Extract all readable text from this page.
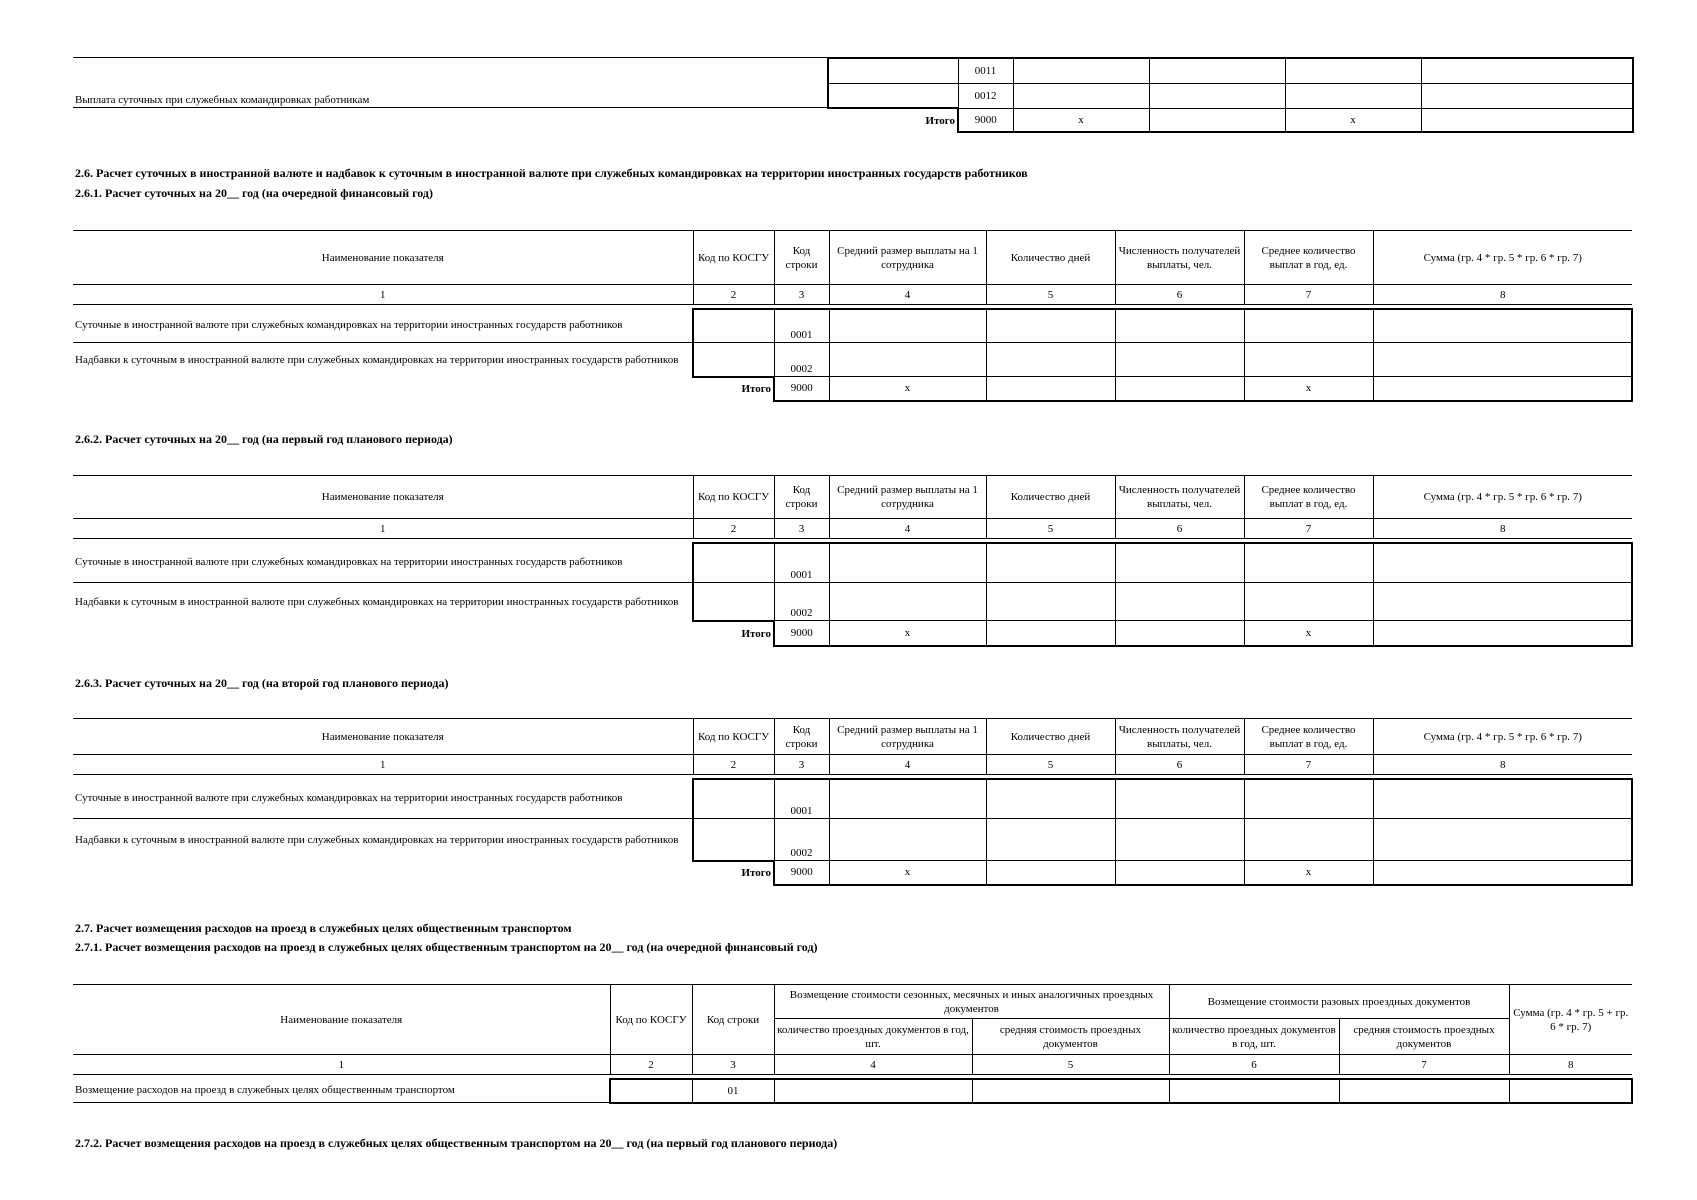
	0011				
	0012				
Итого	9000	x		x	
Выплата суточных при служебных командировках работникам
2.6. Расчет суточных в иностранной валюте и надбавок к суточным в иностранной валюте при служебных командировках на территории иностранных государств работников
2.6.1. Расчет суточных на 20__ год (на очередной финансовый год)
Наименование показателя	Код по КОСГУ	Код строки	Средний размер выплаты на 1 сотрудника	Количество дней	Численность получателей выплаты, чел.	Среднее количество выплат в год, ед.	Сумма (гр. 4 * гр. 5 * гр. 6 * гр. 7)
1	2	3	4	5	6	7	8

Суточные в иностранной валюте при служебных командировках на территории иностранных государств работников		0001					
Надбавки к суточным в иностранной валюте при служебных командировках на территории иностранных государств работников		0002					
	Итого	9000	x			x	
2.6.2. Расчет суточных на 20__ год (на первый год планового периода)
Наименование показателя	Код по КОСГУ	Код строки	Средний размер выплаты на 1 сотрудника	Количество дней	Численность получателей выплаты, чел.	Среднее количество выплат в год, ед.	Сумма (гр. 4 * гр. 5 * гр. 6 * гр. 7)
1	2	3	4	5	6	7	8

Суточные в иностранной валюте при служебных командировках на территории иностранных государств работников		0001					
Надбавки к суточным в иностранной валюте при служебных командировках на территории иностранных государств работников		0002					
	Итого	9000	x			x	
2.6.3. Расчет суточных на 20__ год (на второй год планового периода)
Наименование показателя	Код по КОСГУ	Код строки	Средний размер выплаты на 1 сотрудника	Количество дней	Численность получателей выплаты, чел.	Среднее количество выплат в год, ед.	Сумма (гр. 4 * гр. 5 * гр. 6 * гр. 7)
1	2	3	4	5	6	7	8

Суточные в иностранной валюте при служебных командировках на территории иностранных государств работников		0001					
Надбавки к суточным в иностранной валюте при служебных командировках на территории иностранных государств работников		0002					
	Итого	9000	x			x	
2.7. Расчет возмещения расходов на проезд в служебных целях общественным транспортом
2.7.1. Расчет возмещения расходов на проезд в служебных целях общественным транспортом на 20__ год (на очередной финансовый год)
Наименование показателя	Код по КОСГУ	Код строки	Возмещение стоимости сезонных, месячных и иных аналогичных проездных документов		Возмещение стоимости разовых проездных документов		Сумма (гр. 4 * гр. 5 + гр. 6 * гр. 7)
			количество проездных документов в год, шт.	средняя стоимость проездных документов	количество проездных документов в год, шт.	средняя стоимость проездных документов	
1	2	3	4	5	6	7	8

Возмещение расходов на проезд в служебных целях общественным транспортом		01					
2.7.2. Расчет возмещения расходов на проезд в служебных целях общественным транспортом на 20__ год (на первый год планового периода)
